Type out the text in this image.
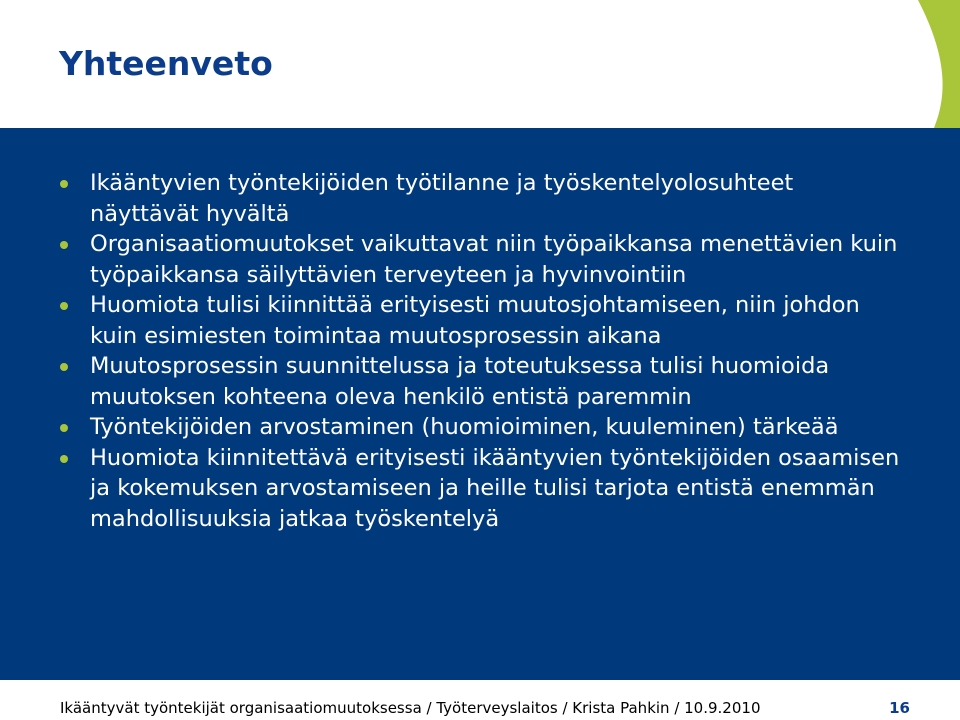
Yhteenveto
Ikääntyvien työntekijöiden työtilanne ja työskentelyolosuhteet näyttävät hyvältä
Organisaatiomuutokset vaikuttavat niin työpaikkansa menettävien kuin työpaikkansa säilyttävien terveyteen ja hyvinvointiin
Huomiota tulisi kiinnittää erityisesti muutosjohtamiseen, niin johdon kuin esimiesten toimintaa muutosprosessin aikana
Muutosprosessin suunnittelussa ja toteutuksessa tulisi huomioida muutoksen kohteena oleva henkilö entistä paremmin
Työntekijöiden arvostaminen (huomioiminen, kuuleminen) tärkeää
Huomiota kiinnitettävä erityisesti ikääntyvien työntekijöiden osaamisen ja kokemuksen arvostamiseen ja heille tulisi tarjota entistä enemmän mahdollisuuksia jatkaa työskentelyä
Ikääntyvät työntekijät organisaatiomuutoksessa / Työterveyslaitos / Krista Pahkin / 10.9.2010	16
